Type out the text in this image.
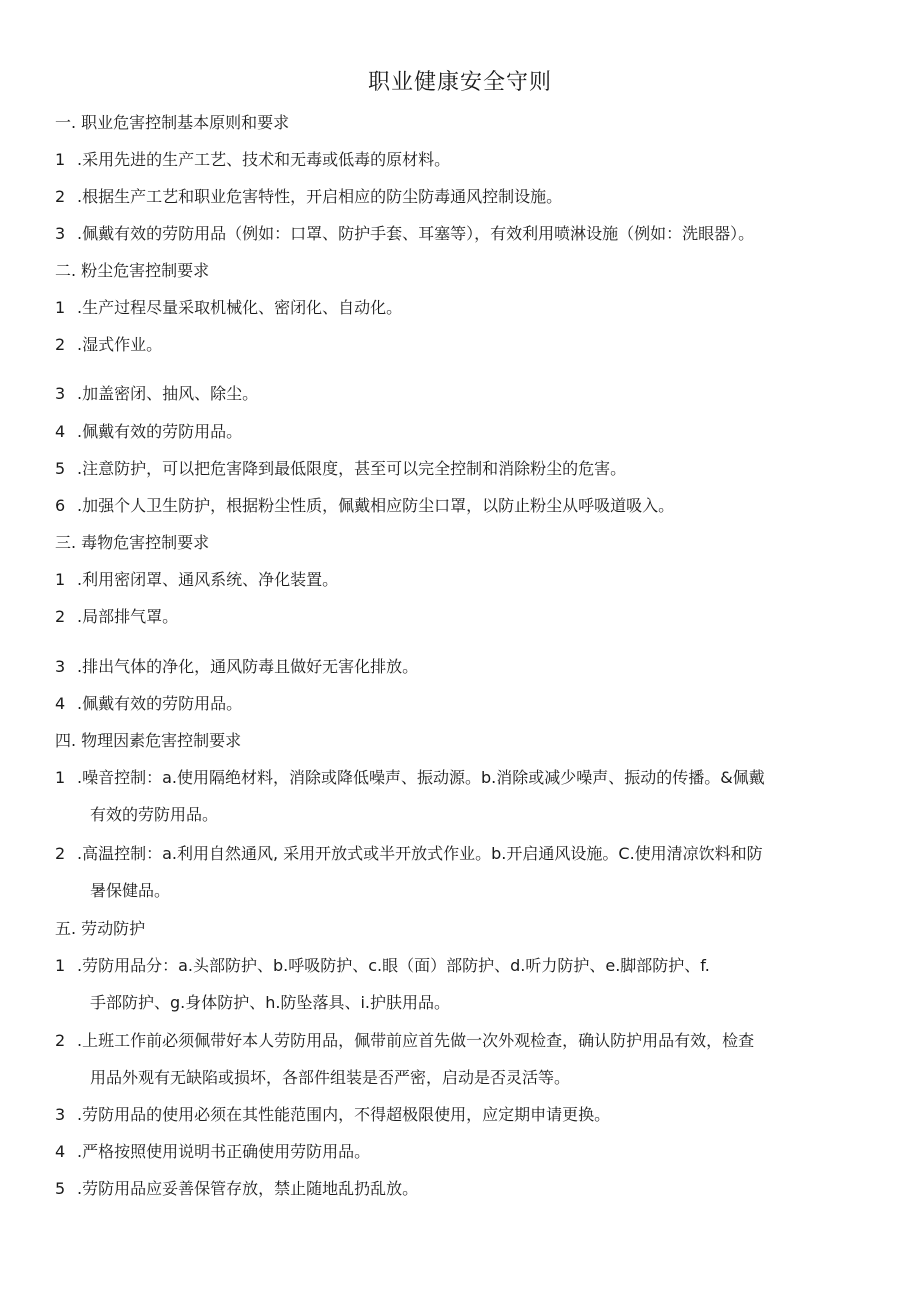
职业健康安全守则
一. 职业危害控制基本原则和要求
1 .采用先进的生产工艺、技术和无毒或低毒的原材料。
2 .根据生产工艺和职业危害特性，开启相应的防尘防毒通风控制设施。
3 .佩戴有效的劳防用品（例如：口罩、防护手套、耳塞等），有效利用喷淋设施（例如：洗眼器）。
二. 粉尘危害控制要求
1 .生产过程尽量采取机械化、密闭化、自动化。
2 .湿式作业。
3 .加盖密闭、抽风、除尘。
4 .佩戴有效的劳防用品。
5 .注意防护，可以把危害降到最低限度，甚至可以完全控制和消除粉尘的危害。
6 .加强个人卫生防护，根据粉尘性质，佩戴相应防尘口罩，以防止粉尘从呼吸道吸入。
三. 毒物危害控制要求
1 .利用密闭罩、通风系统、净化装置。
2 .局部排气罩。
3 .排出气体的净化，通风防毒且做好无害化排放。
4 .佩戴有效的劳防用品。
四. 物理因素危害控制要求
1 .噪音控制：a.使用隔绝材料，消除或降低噪声、振动源。b.消除或减少噪声、振动的传播。&佩戴
有效的劳防用品。
2 .高温控制：a.利用自然通风, 采用开放式或半开放式作业。b.开启通风设施。C.使用清凉饮料和防
暑保健品。
五. 劳动防护
1 .劳防用品分：a.头部防护、b.呼吸防护、c.眼（面）部防护、d.听力防护、e.脚部防护、f.
手部防护、g.身体防护、h.防坠落具、i.护肤用品。
2 .上班工作前必须佩带好本人劳防用品，佩带前应首先做一次外观检查，确认防护用品有效，检查
用品外观有无缺陷或损坏，各部件组装是否严密，启动是否灵活等。
3 .劳防用品的使用必须在其性能范围内，不得超极限使用，应定期申请更换。
4 .严格按照使用说明书正确使用劳防用品。
5 .劳防用品应妥善保管存放，禁止随地乱扔乱放。
